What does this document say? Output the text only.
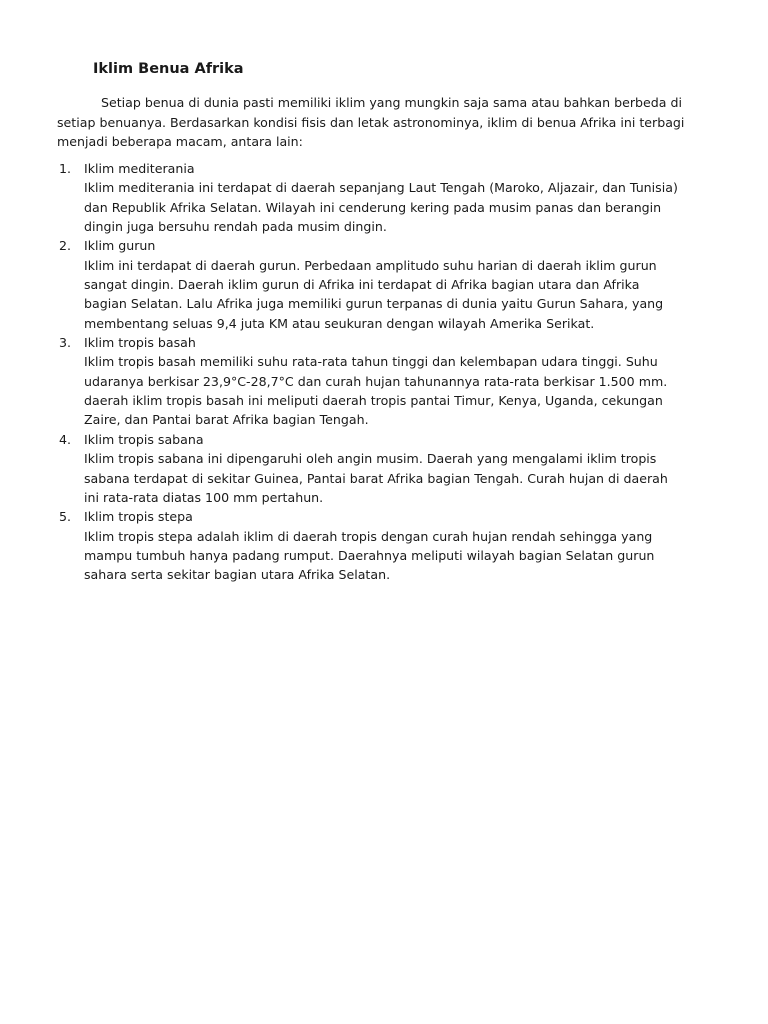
Iklim Benua Afrika
Setiap benua di dunia pasti memiliki iklim yang mungkin saja sama atau bahkan berbeda di
setiap benuanya. Berdasarkan kondisi fisis dan letak astronominya, iklim di benua Afrika ini terbagi
menjadi beberapa macam, antara lain:
1. Iklim mediterania
Iklim mediterania ini terdapat di daerah sepanjang Laut Tengah (Maroko, Aljazair, dan Tunisia)
dan Republik Afrika Selatan. Wilayah ini cenderung kering pada musim panas dan berangin
dingin juga bersuhu rendah pada musim dingin.
2. Iklim gurun
Iklim ini terdapat di daerah gurun. Perbedaan amplitudo suhu harian di daerah iklim gurun
sangat dingin. Daerah iklim gurun di Afrika ini terdapat di Afrika bagian utara dan Afrika
bagian Selatan. Lalu Afrika juga memiliki gurun terpanas di dunia yaitu Gurun Sahara, yang
membentang seluas 9,4 juta KM atau seukuran dengan wilayah Amerika Serikat.
3. Iklim tropis basah
Iklim tropis basah memiliki suhu rata-rata tahun tinggi dan kelembapan udara tinggi. Suhu
udaranya berkisar 23,9°C-28,7°C dan curah hujan tahunannya rata-rata berkisar 1.500 mm.
daerah iklim tropis basah ini meliputi daerah tropis pantai Timur, Kenya, Uganda, cekungan
Zaire, dan Pantai barat Afrika bagian Tengah.
4. Iklim tropis sabana
Iklim tropis sabana ini dipengaruhi oleh angin musim. Daerah yang mengalami iklim tropis
sabana terdapat di sekitar Guinea, Pantai barat Afrika bagian Tengah. Curah hujan di daerah
ini rata-rata diatas 100 mm pertahun.
5. Iklim tropis stepa
Iklim tropis stepa adalah iklim di daerah tropis dengan curah hujan rendah sehingga yang
mampu tumbuh hanya padang rumput. Daerahnya meliputi wilayah bagian Selatan gurun
sahara serta sekitar bagian utara Afrika Selatan.
